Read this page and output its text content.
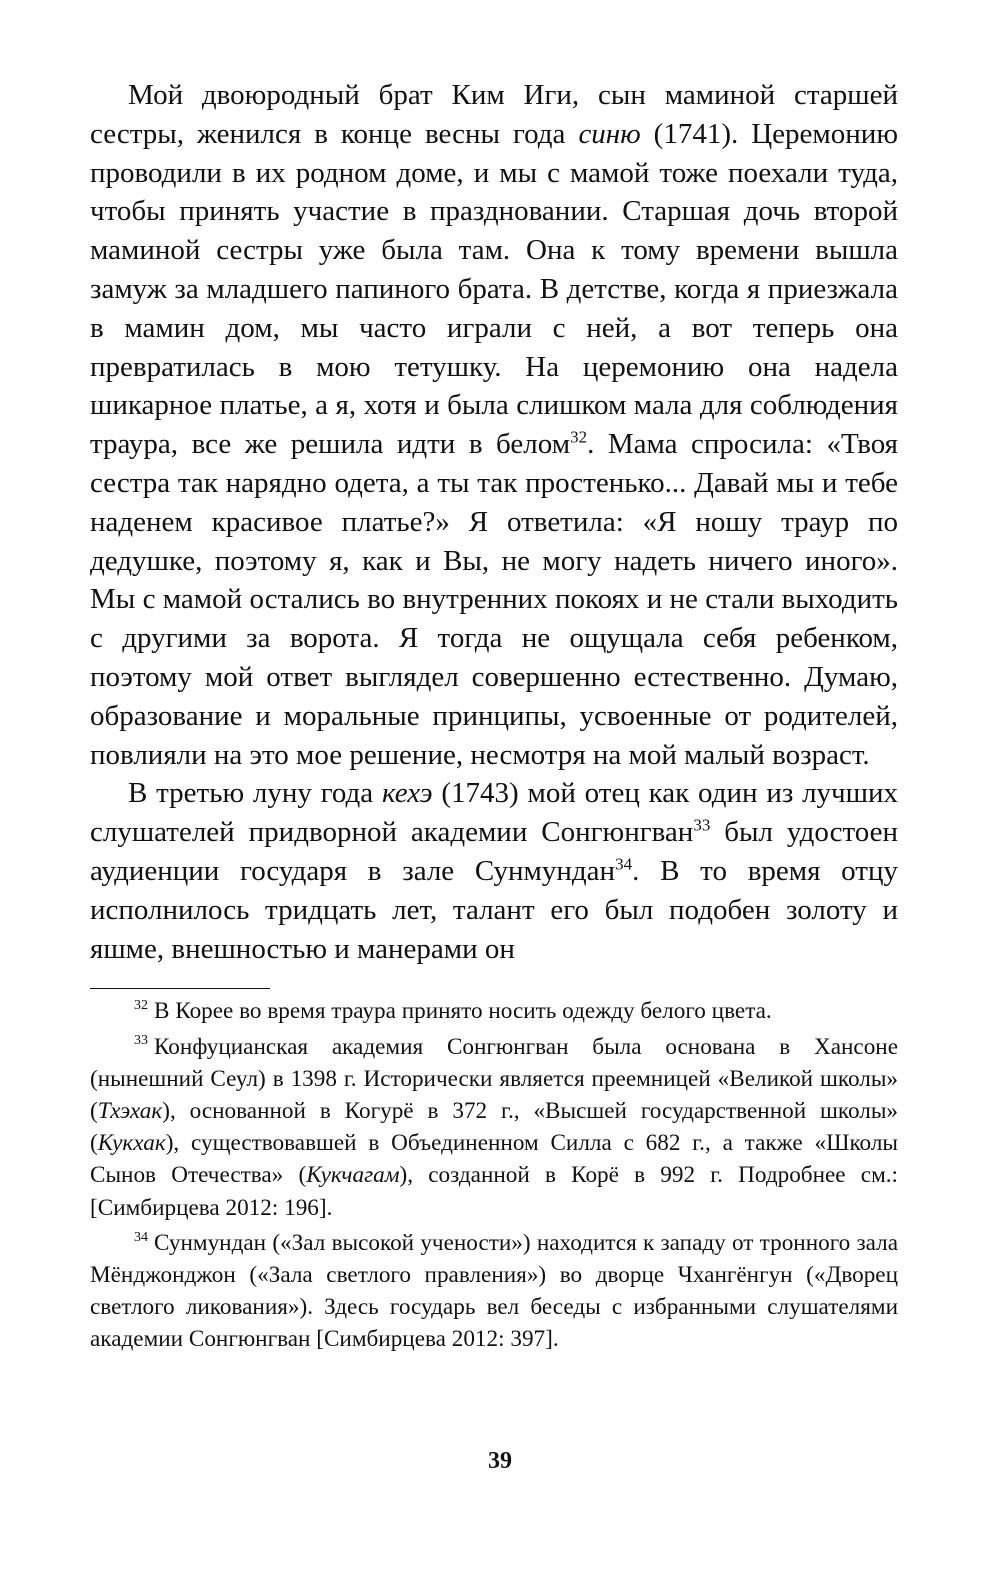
Мой двоюродный брат Ким Иги, сын маминой старшей сестры, женился в конце весны года синю (1741). Церемонию проводили в их родном доме, и мы с мамой тоже поехали туда, чтобы принять участие в праздновании. Старшая дочь второй маминой сестры уже была там. Она к тому времени вышла замуж за младшего папиного брата. В детстве, когда я приезжала в мамин дом, мы часто играли с ней, а вот теперь она превратилась в мою тетушку. На церемонию она надела шикарное платье, а я, хотя и была слишком мала для соблюдения траура, все же решила идти в белом$^{32}$. Мама спросила: «Твоя сестра так нарядно одета, а ты так простенько... Давай мы и тебе наденем красивое платье?» Я ответила: «Я ношу траур по дедушке, поэтому я, как и Вы, не могу надеть ничего иного». Мы с мамой остались во внутренних покоях и не стали выходить с другими за ворота. Я тогда не ощущала себя ребенком, поэтому мой ответ выглядел совершенно естественно. Думаю, образование и моральные принципы, усвоенные от родителей, повлияли на это мое решение, несмотря на мой малый возраст.

В третью луну года кехэ (1743) мой отец как один из лучших слушателей придворной академии Сонгюнгван$^{33}$ был удостоен аудиенции государя в зале Сунмундан$^{34}$. В то время отцу исполнилось тридцать лет, талант его был подобен золоту и яшме, внешностью и манерами он

$^{32}$ В Корее во время траура принято носить одежду белого цвета.

$^{33}$ Конфуцианская академия Сонгюнгван была основана в Хансоне (нынешний Сеул) в 1398 г. Исторически является преемницей «Великой школы» (Тхэхак), основанной в Когурё в 372 г., «Высшей государственной школы» (Кукхак), существовавшей в Объединенном Силла с 682 г., а также «Школы Сынов Отечества» (Кукчагам), созданной в Корё в 992 г. Подробнее см.: [Симбирцева 2012: 196].

$^{34}$ Сунмундан («Зал высокой учености») находится к западу от тронного зала Мёнджонджон («Зала светлого правления») во дворце Чхангёнгун («Дворец светлого ликования»). Здесь государь вел беседы с избранными слушателями академии Сонгюнгван [Симбирцева 2012: 397].

39
